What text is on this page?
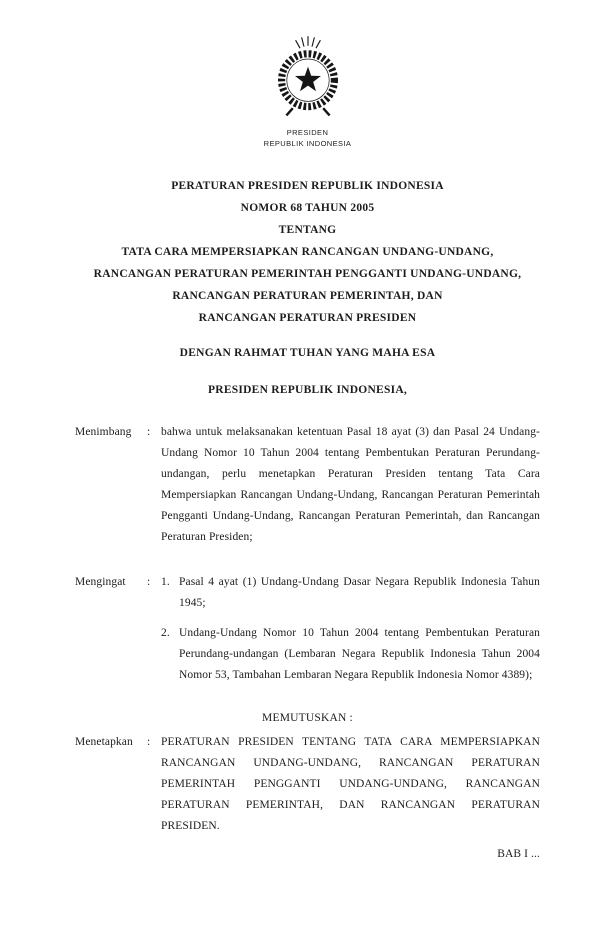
PRESIDEN
REPUBLIK INDONESIA
PERATURAN PRESIDEN REPUBLIK INDONESIA
NOMOR 68 TAHUN 2005
TENTANG
TATA CARA MEMPERSIAPKAN RANCANGAN UNDANG-UNDANG,
RANCANGAN PERATURAN PEMERINTAH PENGGANTI UNDANG-UNDANG,
RANCANGAN PERATURAN PEMERINTAH, DAN
RANCANGAN PERATURAN PRESIDEN
DENGAN RAHMAT TUHAN YANG MAHA ESA
PRESIDEN REPUBLIK INDONESIA,
Menimbang	: bahwa untuk melaksanakan ketentuan Pasal 18 ayat (3) dan Pasal 24 Undang-Undang Nomor 10 Tahun 2004 tentang Pembentukan Peraturan Perundang-undangan, perlu menetapkan Peraturan Presiden tentang Tata Cara Mempersiapkan Rancangan Undang-Undang, Rancangan Peraturan Pemerintah Pengganti Undang-Undang, Rancangan Peraturan Pemerintah, dan Rancangan Peraturan Presiden;
Mengingat	: 1. Pasal 4 ayat (1) Undang-Undang Dasar Negara Republik Indonesia Tahun 1945;
2. Undang-Undang Nomor 10 Tahun 2004 tentang Pembentukan Peraturan Perundang-undangan (Lembaran Negara Republik Indonesia Tahun 2004 Nomor 53, Tambahan Lembaran Negara Republik Indonesia Nomor 4389);
MEMUTUSKAN :
Menetapkan	: PERATURAN PRESIDEN TENTANG TATA CARA MEMPERSIAPKAN RANCANGAN UNDANG-UNDANG, RANCANGAN PERATURAN PEMERINTAH PENGGANTI UNDANG-UNDANG, RANCANGAN PERATURAN PEMERINTAH, DAN RANCANGAN PERATURAN PRESIDEN.
BAB I ...
